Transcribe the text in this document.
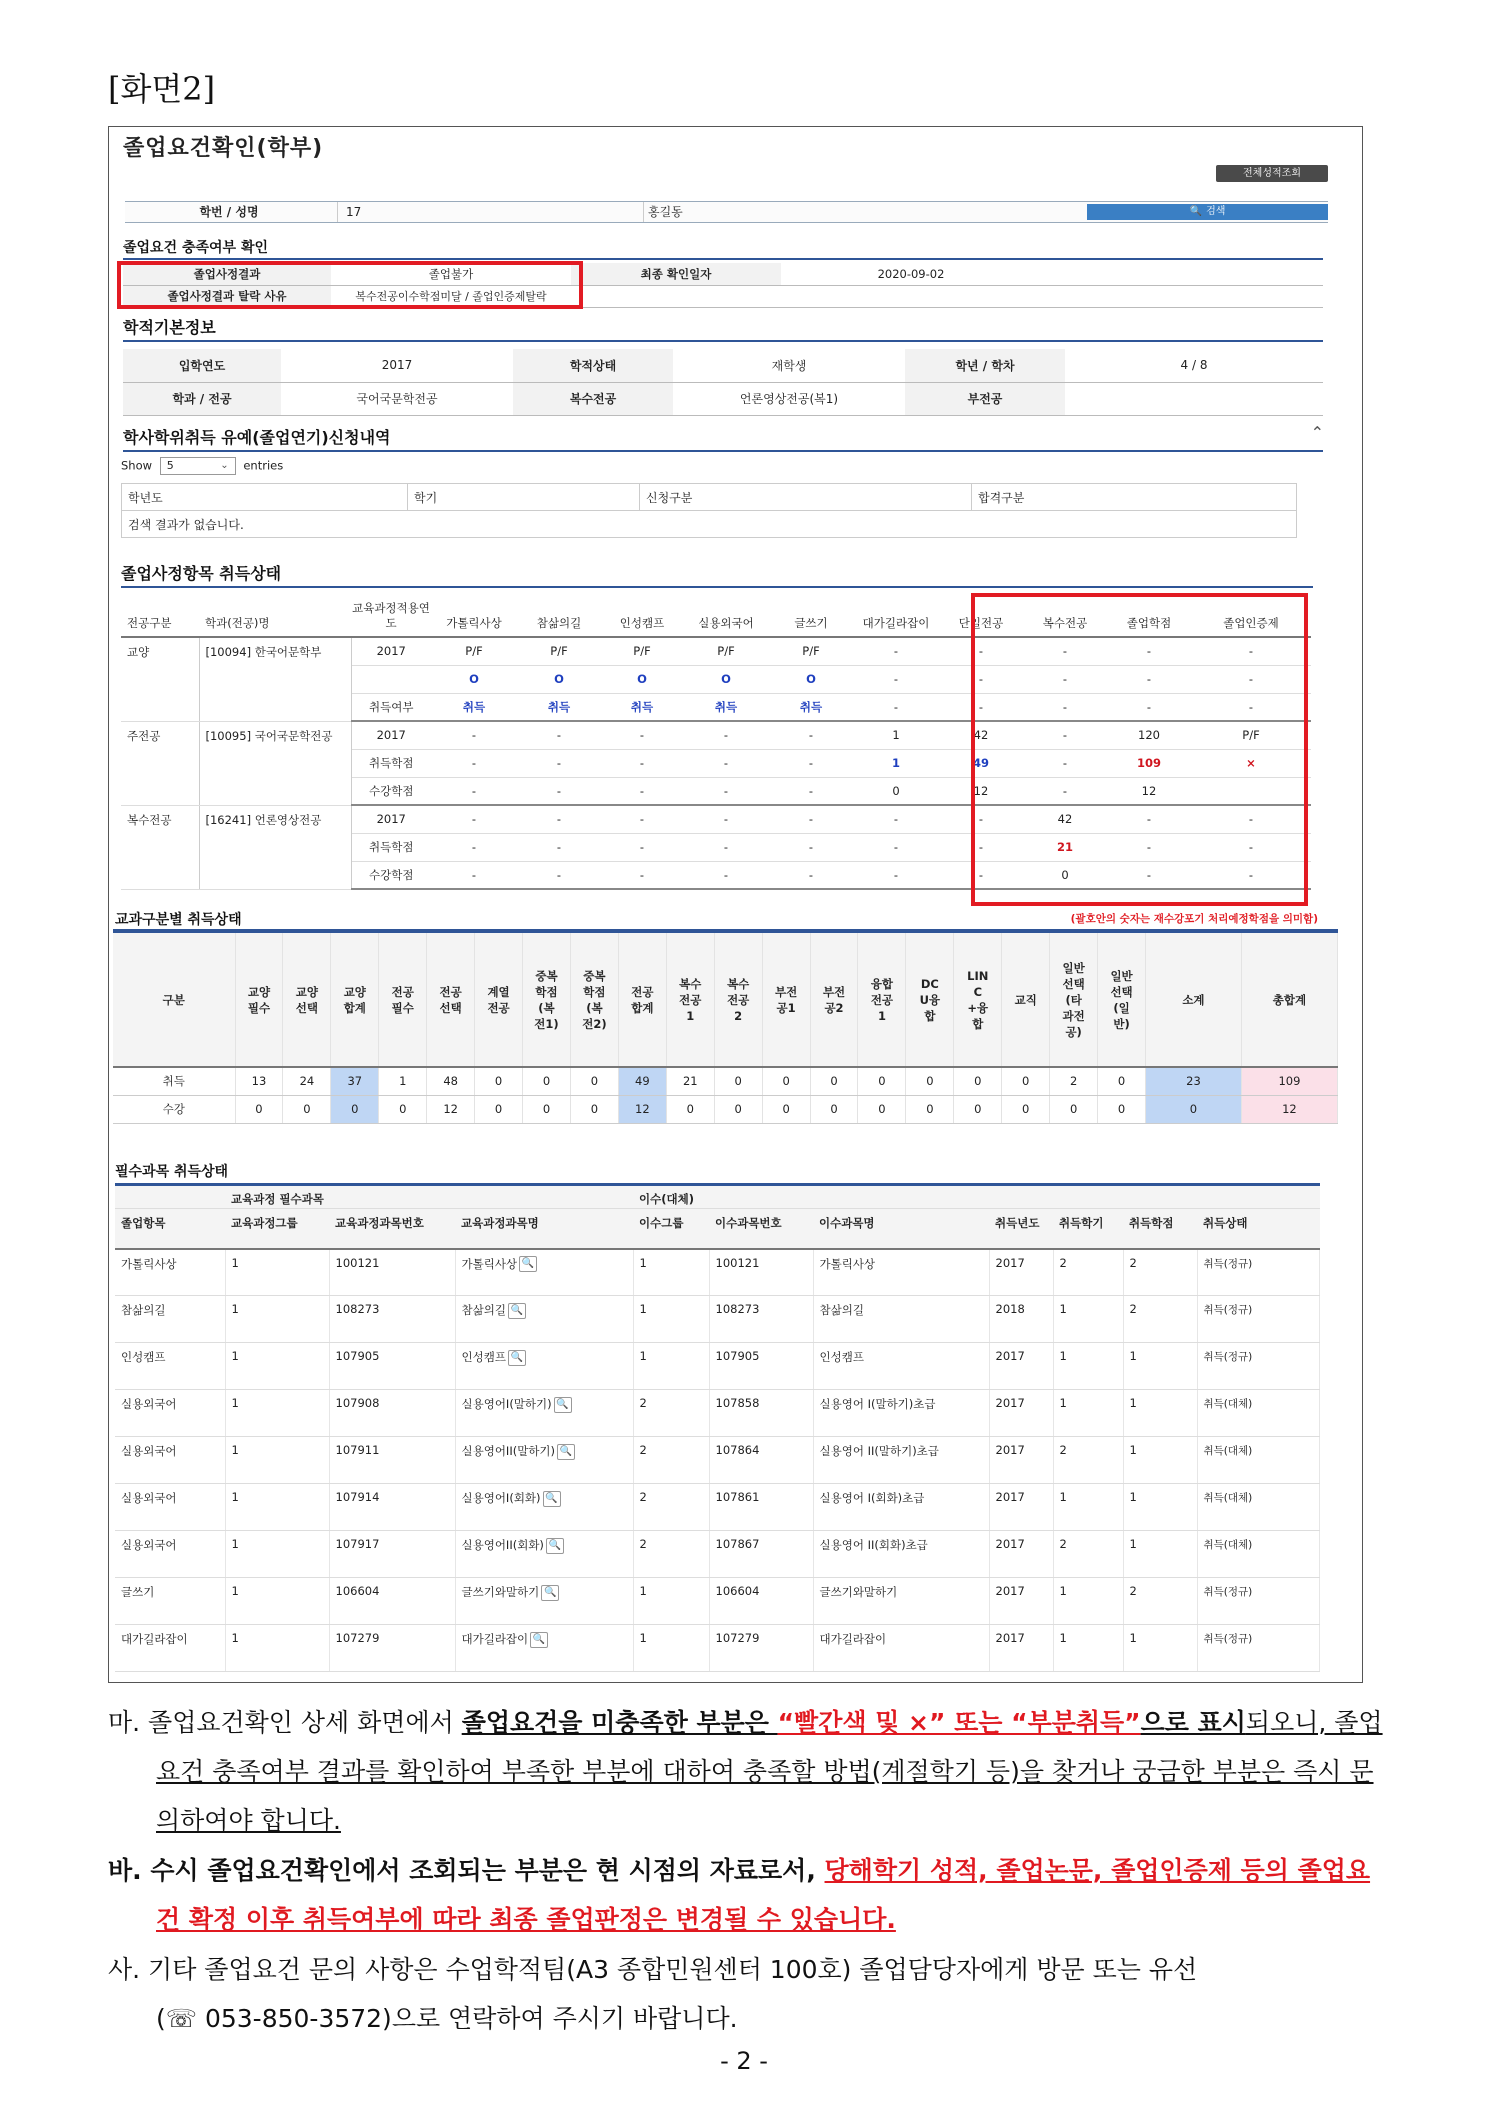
[화면2]
졸업요건확인(학부)
전체성적조회
학번 / 성명	17	홍길동	🔍 검색
졸업요건 충족여부 확인
졸업사정결과	졸업불가	최종 확인일자	2020-09-02	
졸업사정결과 탈락 사유	복수전공이수학점미달 / 졸업인증제탈락			
학적기본정보
입학연도	2017	학적상태	재학생	학년 / 학차	4 / 8
학과 / 전공	국어국문학전공	복수전공	언론영상전공(복1)	부전공	
학사학위취득 유예(졸업연기)신청내역	⌃
Show 5	⌄ entries
학년도	학기	신청구분	합격구분
검색 결과가 없습니다.
졸업사정항목 취득상태
전공구분	학과(전공)명	교육과정적용연도	가톨릭사상	참삶의길	인성캠프	실용외국어	글쓰기	대가길라잡이	단일전공	복수전공	졸업학점	졸업인증제
교양	[10094] 한국어문학부	2017	P/F	P/F	P/F	P/F	P/F	-	-	-	-	-
			O	O	O	O	O	-	-	-	-	-
		취득여부	취득	취득	취득	취득	취득	-	-	-	-	-
주전공	[10095] 국어국문학전공	2017	-	-	-	-	-	1	42	-	120	P/F
		취득학점	-	-	-	-	-	1	49	-	109	×
		수강학점	-	-	-	-	-	0	12	-	12	
복수전공	[16241] 언론영상전공	2017	-	-	-	-	-	-	-	42	-	-
		취득학점	-	-	-	-	-	-	-	21	-	-
		수강학점	-	-	-	-	-	-	-	0	-	-
교과구분별 취득상태	(괄호안의 숫자는 재수강포기 처리예정학점을 의미함)
구분	교양필수	교양선택	교양합계	전공필수	전공선택	계열전공	중복학점(복전1)	중복학점(복전2)	전공합계	복수전공1	복수전공2	부전공1	부전공2	융합전공1	DCU융합	LINC+융합	교직	일반선택(타과전공)	일반선택(일반)	소계	총합계
취득	13	24	37	1	48	0	0	0	49	21	0	0	0	0	0	0	0	2	0	23	109
수강	0	0	0	0	12	0	0	0	12	0	0	0	0	0	0	0	0	0	0	0	12
필수과목 취득상태
	교육과정 필수과목			이수(대체)						
졸업항목	교육과정그룹	교육과정과목번호	교육과정과목명	이수그룹	이수과목번호	이수과목명	취득년도	취득학기	취득학점	취득상태
가톨릭사상	1	100121	가톨릭사상 🔍	1	100121	가톨릭사상	2017	2	2	취득(정규)
참삶의길	1	108273	참삶의길 🔍	1	108273	참삶의길	2018	1	2	취득(정규)
인성캠프	1	107905	인성캠프 🔍	1	107905	인성캠프	2017	1	1	취득(정규)
실용외국어	1	107908	실용영어I(말하기) 🔍	2	107858	실용영어 I(말하기)초급	2017	1	1	취득(대체)
실용외국어	1	107911	실용영어II(말하기) 🔍	2	107864	실용영어 II(말하기)초급	2017	2	1	취득(대체)
실용외국어	1	107914	실용영어I(회화) 🔍	2	107861	실용영어 I(회화)초급	2017	1	1	취득(대체)
실용외국어	1	107917	실용영어II(회화) 🔍	2	107867	실용영어 II(회화)초급	2017	2	1	취득(대체)
글쓰기	1	106604	글쓰기와말하기 🔍	1	106604	글쓰기와말하기	2017	1	2	취득(정규)
대가길라잡이	1	107279	대가길라잡이 🔍	1	107279	대가길라잡이	2017	1	1	취득(정규)
마. 졸업요건확인 상세 화면에서 졸업요건을 미충족한 부분은 “빨간색 및 ×” 또는 “부분취득”으로 표시되오니, 졸업요건 충족여부 결과를 확인하여 부족한 부분에 대하여 충족할 방법(계절학기 등)을 찾거나 궁금한 부분은 즉시 문의하여야 합니다.
바. 수시 졸업요건확인에서 조회되는 부분은 현 시점의 자료로서, 당해학기 성적, 졸업논문, 졸업인증제 등의 졸업요건 확정 이후 취득여부에 따라 최종 졸업판정은 변경될 수 있습니다.
사. 기타 졸업요건 문의 사항은 수업학적팀(A3 종합민원센터 100호) 졸업담당자에게 방문 또는 유선
(☏ 053-850-3572)으로 연락하여 주시기 바랍니다.
- 2 -
